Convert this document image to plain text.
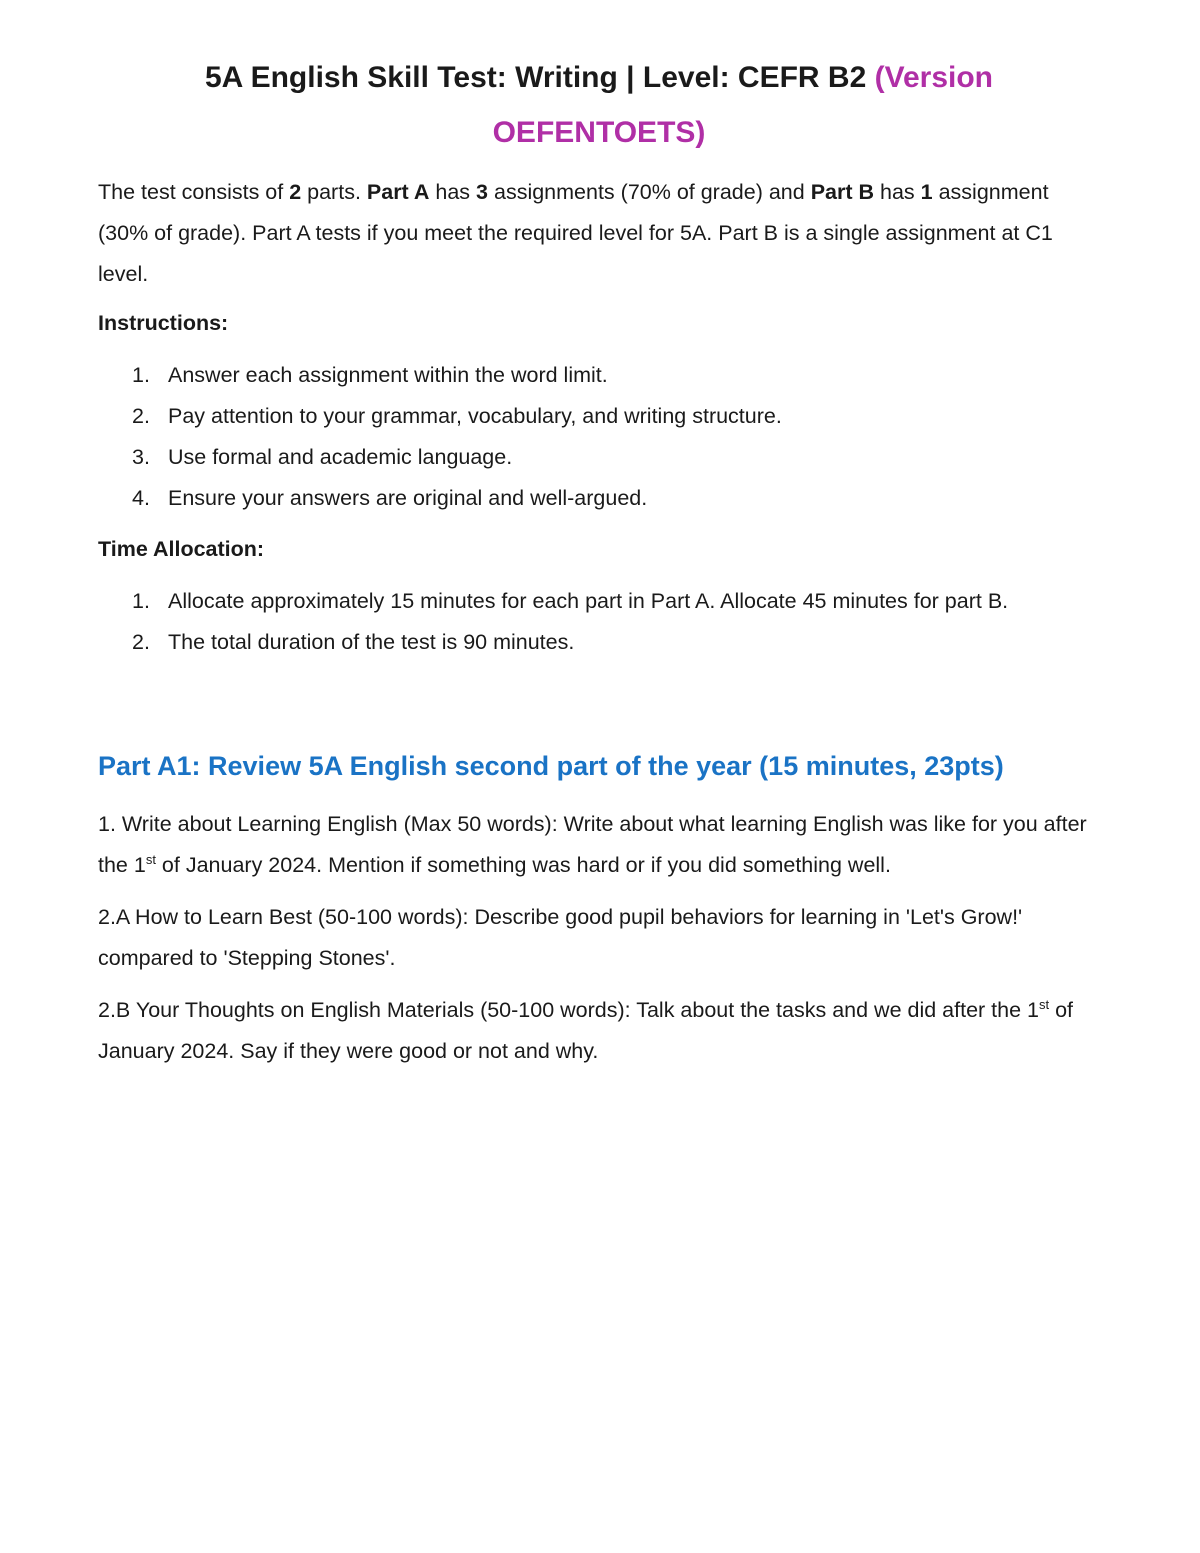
5A English Skill Test: Writing | Level: CEFR B2 (Version
OEFENTOETS)

The test consists of 2 parts. Part A has 3 assignments (70% of grade) and Part B has 1 assignment (30% of grade). Part A tests if you meet the required level for 5A. Part B is a single assignment at C1 level.

Instructions:
1. Answer each assignment within the word limit.
2. Pay attention to your grammar, vocabulary, and writing structure.
3. Use formal and academic language.
4. Ensure your answers are original and well-argued.
Time Allocation:
1. Allocate approximately 15 minutes for each part in Part A. Allocate 45 minutes for part B.
2. The total duration of the test is 90 minutes.
Part A1: Review 5A English second part of the year (15 minutes, 23pts)

1. Write about Learning English (Max 50 words): Write about what learning English was like for you after the 1st of January 2024. Mention if something was hard or if you did something well.

2.A How to Learn Best (50-100 words): Describe good pupil behaviors for learning in 'Let's Grow!' compared to 'Stepping Stones'.

2.B Your Thoughts on English Materials (50-100 words): Talk about the tasks and we did after the 1st of January 2024. Say if they were good or not and why.
